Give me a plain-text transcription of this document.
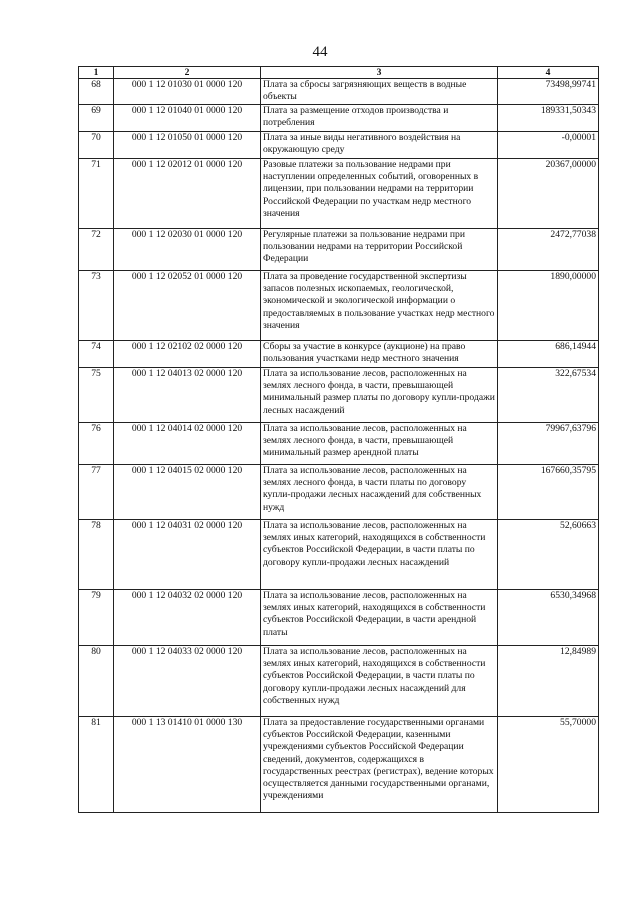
44
1	2	3	4
68	000 1 12 01030 01 0000 120	Плата за сбросы загрязняющих веществ в водные объекты	73498,99741
69	000 1 12 01040 01 0000 120	Плата за размещение отходов производства и потребления	189331,50343
70	000 1 12 01050 01 0000 120	Плата за иные виды негативного воздействия на окружающую среду	-0,00001
71	000 1 12 02012 01 0000 120	Разовые платежи за пользование недрами при наступлении определенных событий, оговоренных в лицензии, при пользовании недрами на территории Российской Федерации по участкам недр местного значения	20367,00000
72	000 1 12 02030 01 0000 120	Регулярные платежи за пользование недрами при пользовании недрами на территории Российской Федерации	2472,77038
73	000 1 12 02052 01 0000 120	Плата за проведение государственной экспертизы запасов полезных ископаемых, геологической, экономической и экологической информации о предоставляемых в пользование участках недр местного значения	1890,00000
74	000 1 12 02102 02 0000 120	Сборы за участие в конкурсе (аукционе) на право пользования участками недр местного значения	686,14944
75	000 1 12 04013 02 0000 120	Плата за использование лесов, расположенных на землях лесного фонда, в части, превышающей минимальный размер платы по договору купли-продажи лесных насаждений	322,67534
76	000 1 12 04014 02 0000 120	Плата за использование лесов, расположенных на землях лесного фонда, в части, превышающей минимальный размер арендной платы	79967,63796
77	000 1 12 04015 02 0000 120	Плата за использование лесов, расположенных на землях лесного фонда, в части платы по договору купли-продажи лесных насаждений для собственных нужд	167660,35795
78	000 1 12 04031 02 0000 120	Плата за использование лесов, расположенных на землях иных категорий, находящихся в собственности субъектов Российской Федерации, в части платы по договору купли-продажи лесных насаждений	52,60663
79	000 1 12 04032 02 0000 120	Плата за использование лесов, расположенных на землях иных категорий, находящихся в собственности субъектов Российской Федерации, в части арендной платы	6530,34968
80	000 1 12 04033 02 0000 120	Плата за использование лесов, расположенных на землях иных категорий, находящихся в собственности субъектов Российской Федерации, в части платы по договору купли-продажи лесных насаждений для собственных нужд	12,84989
81	000 1 13 01410 01 0000 130	Плата за предоставление государственными органами субъектов Российской Федерации, казенными учреждениями субъектов Российской Федерации сведений, документов, содержащихся в государственных реестрах (регистрах), ведение которых осуществляется данными государственными органами, учреждениями	55,70000
